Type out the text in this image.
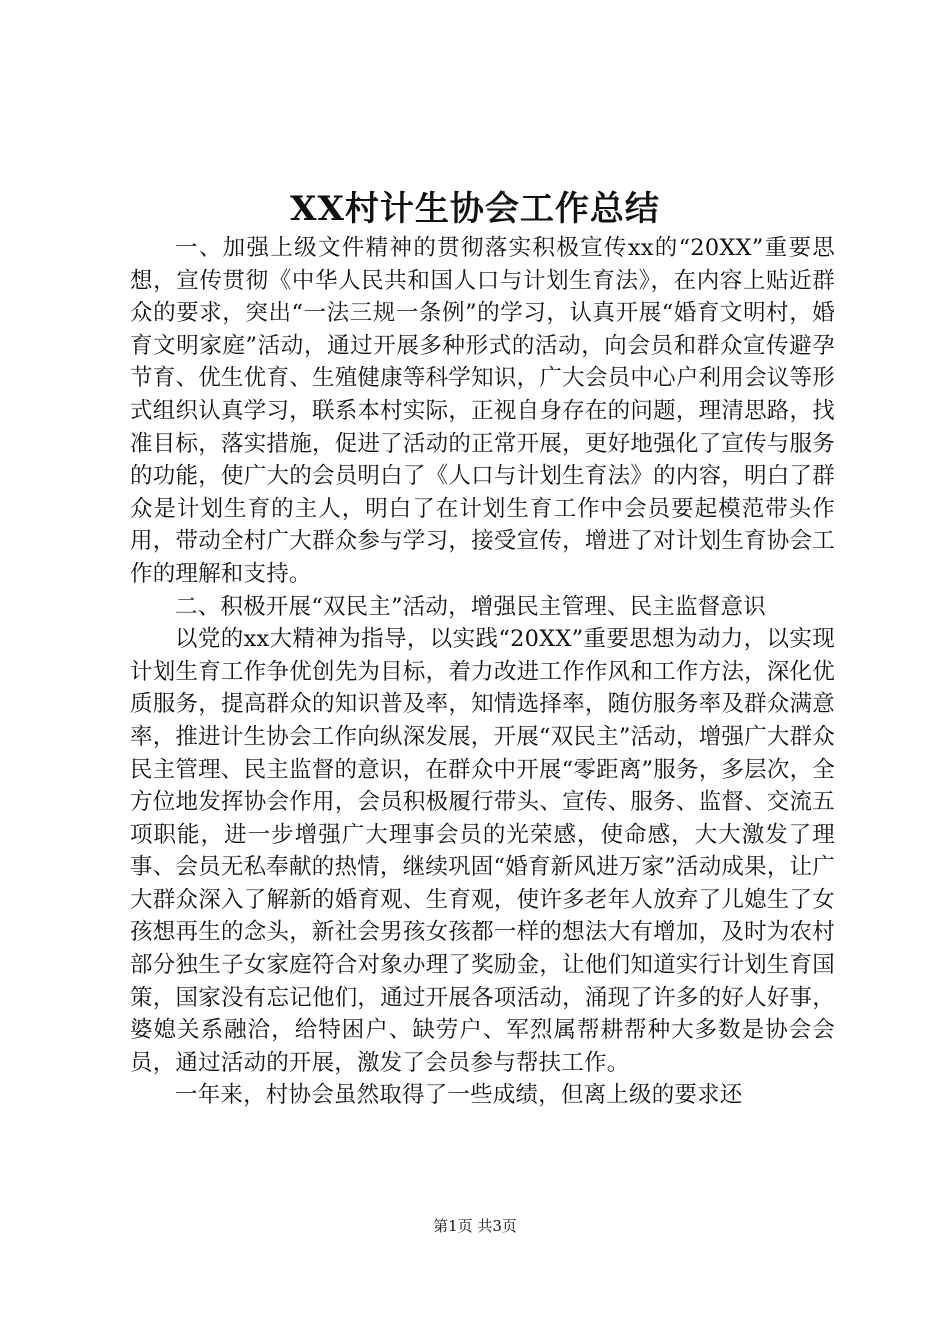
XX村计生协会工作总结

一、加强上级文件精神的贯彻落实积极宣传xx的“20XX”重要思想，宣传贯彻《中华人民共和国人口与计划生育法》，在内容上贴近群众的要求，突出“一法三规一条例”的学习，认真开展“婚育文明村，婚育文明家庭”活动，通过开展多种形式的活动，向会员和群众宣传避孕节育、优生优育、生殖健康等科学知识，广大会员中心户利用会议等形式组织认真学习，联系本村实际，正视自身存在的问题，理清思路，找准目标，落实措施，促进了活动的正常开展，更好地强化了宣传与服务的功能，使广大的会员明白了《人口与计划生育法》的内容，明白了群众是计划生育的主人，明白了在计划生育工作中会员要起模范带头作用，带动全村广大群众参与学习，接受宣传，增进了对计划生育协会工作的理解和支持。

二、积极开展“双民主”活动，增强民主管理、民主监督意识

以党的xx大精神为指导，以实践“20XX”重要思想为动力，以实现计划生育工作争优创先为目标，着力改进工作作风和工作方法，深化优质服务，提高群众的知识普及率，知情选择率，随仿服务率及群众满意率，推进计生协会工作向纵深发展，开展“双民主”活动，增强广大群众民主管理、民主监督的意识，在群众中开展“零距离”服务，多层次，全方位地发挥协会作用，会员积极履行带头、宣传、服务、监督、交流五项职能，进一步增强广大理事会员的光荣感，使命感，大大激发了理事、会员无私奉献的热情，继续巩固“婚育新风进万家”活动成果，让广大群众深入了解新的婚育观、生育观，使许多老年人放弃了儿媳生了女孩想再生的念头，新社会男孩女孩都一样的想法大有增加，及时为农村部分独生子女家庭符合对象办理了奖励金，让他们知道实行计划生育国策，国家没有忘记他们，通过开展各项活动，涌现了许多的好人好事，婆媳关系融洽，给特困户、缺劳户、军烈属帮耕帮种大多数是协会会员，通过活动的开展，激发了会员参与帮扶工作。

一年来，村协会虽然取得了一些成绩，但离上级的要求还

第1页 共3页
